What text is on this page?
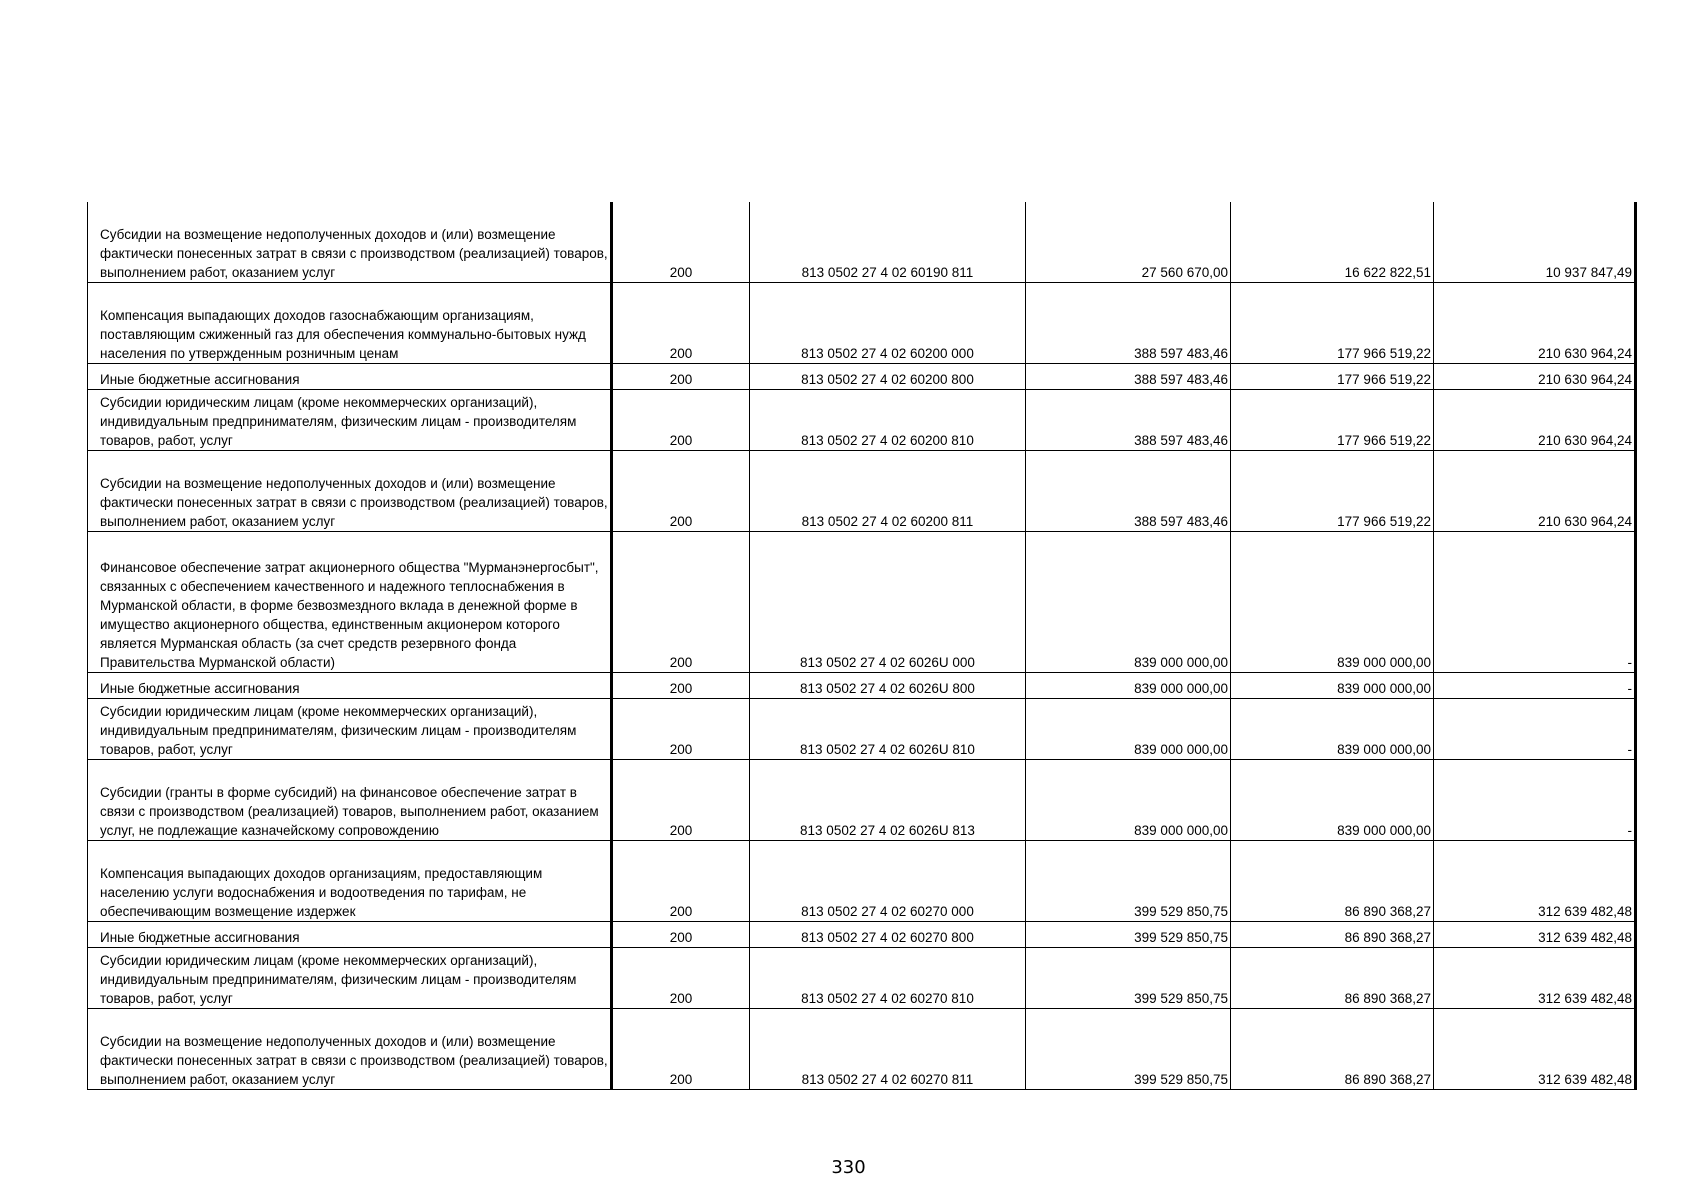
Субсидии на возмещение недополученных доходов и (или) возмещение фактически понесенных затрат в связи с производством (реализацией) товаров, выполнением работ, оказанием услуг	200	813 0502 27 4 02 60190 811	27 560 670,00	16 622 822,51	10 937 847,49

Компенсация выпадающих доходов газоснабжающим организациям, поставляющим сжиженный газ для обеспечения коммунально-бытовых нужд населения по утвержденным розничным ценам	200	813 0502 27 4 02 60200 000	388 597 483,46	177 966 519,22	210 630 964,24

Иные бюджетные ассигнования	200	813 0502 27 4 02 60200 800	388 597 483,46	177 966 519,22	210 630 964,24

Субсидии юридическим лицам (кроме некоммерческих организаций), индивидуальным предпринимателям, физическим лицам - производителям товаров, работ, услуг	200	813 0502 27 4 02 60200 810	388 597 483,46	177 966 519,22	210 630 964,24

Субсидии на возмещение недополученных доходов и (или) возмещение фактически понесенных затрат в связи с производством (реализацией) товаров, выполнением работ, оказанием услуг	200	813 0502 27 4 02 60200 811	388 597 483,46	177 966 519,22	210 630 964,24

Финансовое обеспечение затрат акционерного общества "Мурманэнергосбыт", связанных с обеспечением качественного и надежного теплоснабжения в Мурманской области, в форме безвозмездного вклада в денежной форме в имущество акционерного общества, единственным акционером которого является Мурманская область (за счет средств резервного фонда Правительства Мурманской области)	200	813 0502 27 4 02 6026U 000	839 000 000,00	839 000 000,00	-

Иные бюджетные ассигнования	200	813 0502 27 4 02 6026U 800	839 000 000,00	839 000 000,00	-

Субсидии юридическим лицам (кроме некоммерческих организаций), индивидуальным предпринимателям, физическим лицам - производителям товаров, работ, услуг	200	813 0502 27 4 02 6026U 810	839 000 000,00	839 000 000,00	-

Субсидии (гранты в форме субсидий) на финансовое обеспечение затрат в связи с производством (реализацией) товаров, выполнением работ, оказанием услуг, не подлежащие казначейскому сопровождению	200	813 0502 27 4 02 6026U 813	839 000 000,00	839 000 000,00	-

Компенсация выпадающих доходов организациям, предоставляющим населению услуги водоснабжения и водоотведения по тарифам, не обеспечивающим возмещение издержек	200	813 0502 27 4 02 60270 000	399 529 850,75	86 890 368,27	312 639 482,48

Иные бюджетные ассигнования	200	813 0502 27 4 02 60270 800	399 529 850,75	86 890 368,27	312 639 482,48

Субсидии юридическим лицам (кроме некоммерческих организаций), индивидуальным предпринимателям, физическим лицам - производителям товаров, работ, услуг	200	813 0502 27 4 02 60270 810	399 529 850,75	86 890 368,27	312 639 482,48

Субсидии на возмещение недополученных доходов и (или) возмещение фактически понесенных затрат в связи с производством (реализацией) товаров, выполнением работ, оказанием услуг	200	813 0502 27 4 02 60270 811	399 529 850,75	86 890 368,27	312 639 482,48
330
